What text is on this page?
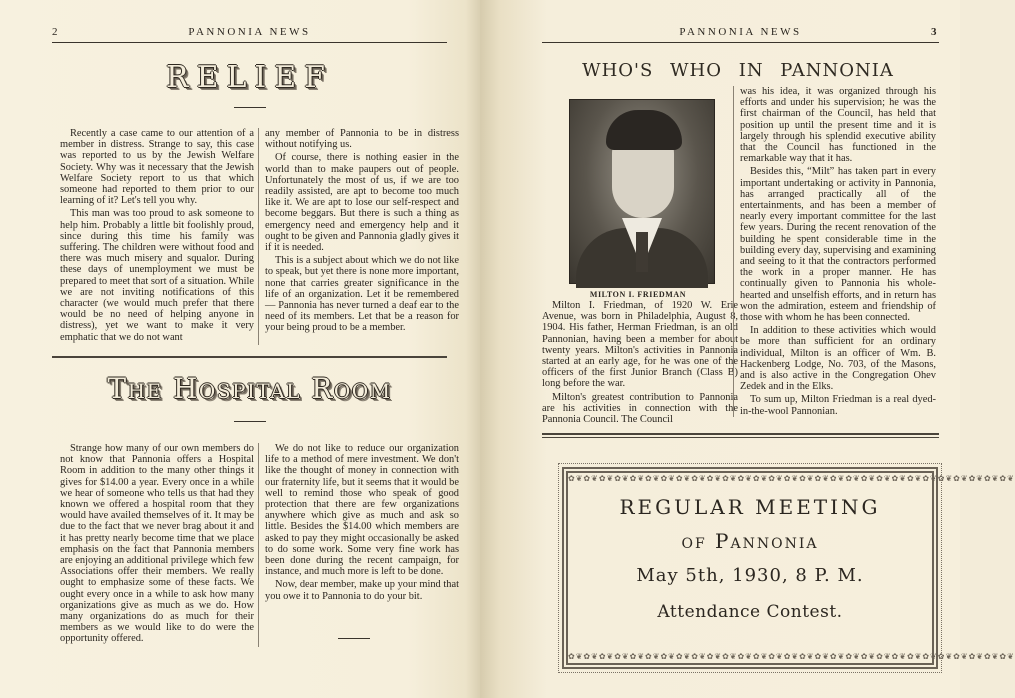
2	PANNONIA NEWS
RELIEF

Recently a case came to our attention of a member in distress. Strange to say, this case was reported to us by the Jewish Welfare Society. Why was it necessary that the Jewish Welfare Society report to us that which someone had reported to them prior to our learning of it? Let's tell you why.

This man was too proud to ask someone to help him. Probably a little bit foolishly proud, since during this time his family was suffering. The children were without food and there was much misery and squalor. During these days of unemployment we must be prepared to meet that sort of a situation. While we are not inviting notifications of this character (we would much prefer that there would be no need of helping anyone in distress), yet we want to make it very emphatic that we do not want

any member of Pannonia to be in distress without notifying us.

Of course, there is nothing easier in the world than to make paupers out of people. Unfortunately the most of us, if we are too readily assisted, are apt to become too much like it. We are apt to lose our self-respect and become beggars. But there is such a thing as emergency need and emergency help and it ought to be given and Pannonia gladly gives it if it is needed.

This is a subject about which we do not like to speak, but yet there is none more important, none that carries greater significance in the life of an organization. Let it be remembered — Pannonia has never turned a deaf ear to the need of its members. Let that be a reason for your being proud to be a member.

The Hospital Room

Strange how many of our own members do not know that Pannonia offers a Hospital Room in addition to the many other things it gives for $14.00 a year. Every once in a while we hear of someone who tells us that had they known we offered a hospital room that they would have availed themselves of it. It may be due to the fact that we never brag about it and it has pretty nearly become time that we place emphasis on the fact that Pannonia members are enjoying an additional privilege which few Associations offer their members. We really ought to emphasize some of these facts. We ought every once in a while to ask how many organizations give as much as we do. How many organizations do as much for their members as we would like to do were the opportunity offered.

We do not like to reduce our organization life to a method of mere investment. We don't like the thought of money in connection with our fraternity life, but it seems that it would be well to remind those who speak of good protection that there are few organizations anywhere which give as much and ask so little. Besides the $14.00 which members are asked to pay they might occasionally be asked to do some work. Some very fine work has been done during the recent campaign, for instance, and much more is left to be done.

Now, dear member, make up your mind that you owe it to Pannonia to do your bit.

PANNONIA NEWS	3
WHO'S WHO IN PANNONIA
MILTON I. FRIEDMAN

Milton I. Friedman, of 1920 W. Erie Avenue, was born in Philadelphia, August 8, 1904. His father, Herman Friedman, is an old Pannonian, having been a member for about twenty years. Milton's activities in Pannonia started at an early age, for he was one of the officers of the first Junior Branch (Class B) long before the war.

Milton's greatest contribution to Pannonia are his activities in connection with the Pannonia Council. The Council

was his idea, it was organized through his efforts and under his supervision; he was the first chairman of the Council, has held that position up until the present time and it is largely through his splendid executive ability that the Council has functioned in the remarkable way that it has.

Besides this, “Milt” has taken part in every important undertaking or activity in Pannonia, has arranged practically all of the entertainments, and has been a member of nearly every important committee for the last few years. During the recent renovation of the building he spent considerable time in the building every day, supervising and examining and seeing to it that the contractors performed the work in a proper manner. He has continually given to Pannonia his whole-hearted and unselfish efforts, and in return has won the admiration, esteem and friendship of those with whom he has been connected.

In addition to these activities which would be more than sufficient for an ordinary individual, Milton is an officer of Wm. B. Hackenberg Lodge, No. 703, of the Masons, and is also active in the Congregation Ohev Zedek and in the Elks.

To sum up, Milton Friedman is a real dyed-in-the-wool Pannonian.

✿❦✿❦✿❦✿❦✿❦✿❦✿❦✿❦✿❦✿❦✿❦✿❦✿❦✿❦✿❦✿❦✿❦✿❦✿❦✿❦✿❦✿❦✿❦✿❦✿❦✿❦✿❦✿❦✿❦
REGULAR MEETING
of Pannonia
May 5th, 1930, 8 P. M.
Attendance Contest.
✿❦✿❦✿❦✿❦✿❦✿❦✿❦✿❦✿❦✿❦✿❦✿❦✿❦✿❦✿❦✿❦✿❦✿❦✿❦✿❦✿❦✿❦✿❦✿❦✿❦✿❦✿❦✿❦✿❦
